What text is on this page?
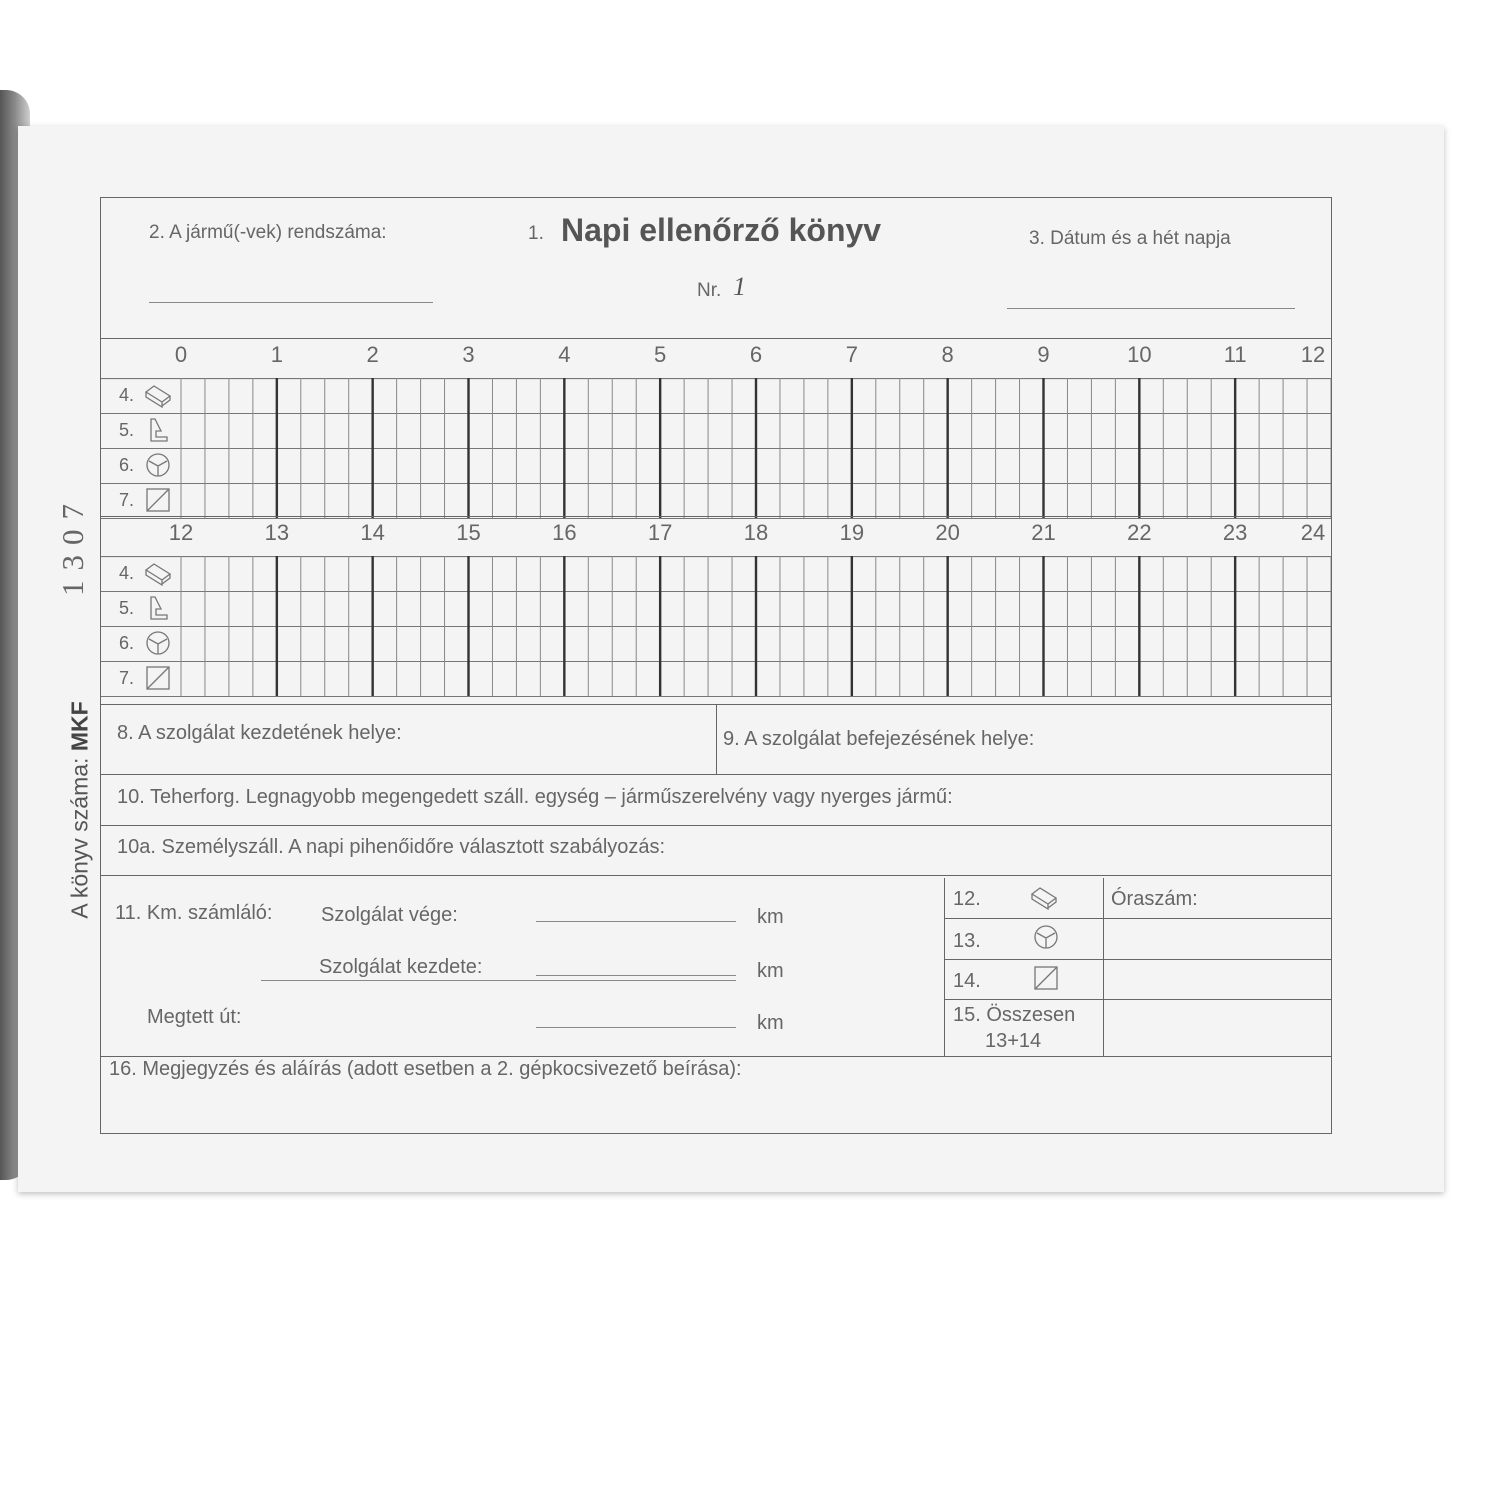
A könyv száma: MKF
1307
2. A jármű(-vek) rendszáma:	1. Napi ellenőrző könyv
Nr. 1
3. Dátum és a hét napja
0	1	2	3	4	5	6	7	8	9	10	11 12
4.
5.
6.
7.
12	13	14	15	16	17	18	19	20	21	22	23 24
4.
5.
6.
7.
8. A szolgálat kezdetének helye:	9. A szolgálat befejezésének helye:
10. Teherforg. Legnagyobb megengedett száll. egység – járműszerelvény vagy nyerges jármű:
10a. Személyszáll. A napi pihenőidőre választott szabályozás:
11. Km. számláló: Szolgálat vége:	km
Szolgálat kezdete:	km
Megtett út:	km
12.	Óraszám:
13.
14.
15. Összesen
13+14
16. Megjegyzés és aláírás (adott esetben a 2. gépkocsivezető beírása):
